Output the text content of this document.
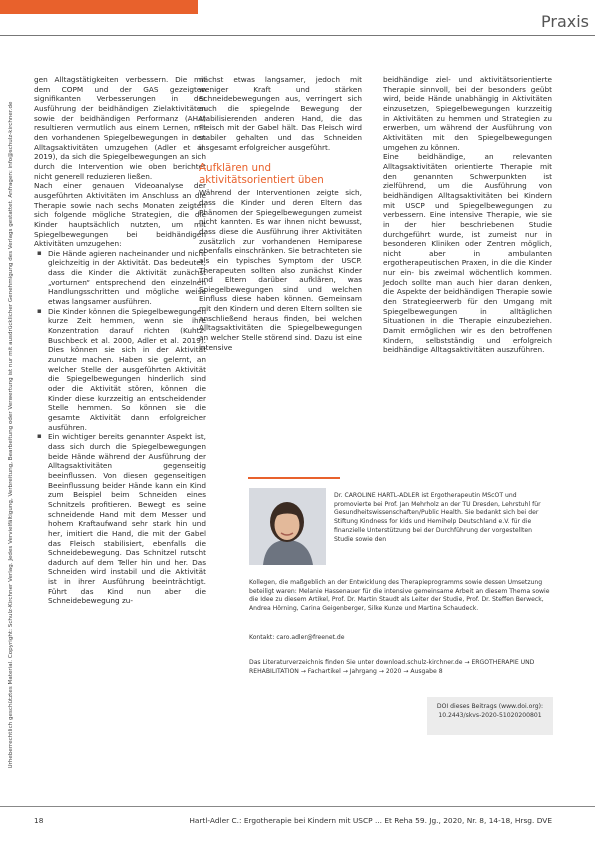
Praxis
Urheberrechtlich geschütztes Material. Copyright: Schulz-Kirchner Verlag. Jedes Vervielfältigung, Verbreitung, Bearbeitung oder Verwertung ist nur mit ausdrücklicher Genehmigung des Verlags gestattet. Anfragen: info@schulz-kirchner.de

gen Alltagstätigkeiten verbessern. Die mit dem COPM und der GAS gezeigten signifikanten Verbesserungen in der Ausführung der beidhändigen Zielaktivitäten sowie der beidhändigen Performanz (AHA) resultieren vermutlich aus einem Lernen, mit den vorhandenen Spiegelbewegungen in den Alltagsaktivitäten umzugehen (Adler et al. 2019), da sich die Spiegelbewegungen an sich durch die Intervention wie oben berichtet nicht generell reduzieren ließen.

Nach einer genauen Videoanalyse der ausgeführten Aktivitäten im Anschluss an die Therapie sowie nach sechs Monaten zeigten sich folgende mögliche Strategien, die die Kinder hauptsächlich nutzten, um mit Spiegelbewegungen bei beidhändigen Aktivitäten umzugehen:

▪ Die Hände agieren nacheinander und nicht gleichzeitig in der Aktivität. Das bedeutet, dass die Kinder die Aktivität zunächst „vorturnen“ entsprechend den einzelnen Handlungsschritten und mögliche weise etwas langsamer ausführen.
▪ Die Kinder können die Spiegelbewegungen kurze Zeit hemmen, wenn sie ihre Konzentration darauf richten (Kuhtz-Buschbeck et al. 2000, Adler et al. 2019). Dies können sie sich in der Aktivität zunutze machen. Haben sie gelernt, an welcher Stelle der ausgeführten Aktivität die Spiegelbewegungen hinderlich sind oder die Aktivität stören, können die Kinder diese kurzzeitig an entscheidender Stelle hemmen. So können sie die gesamte Aktivität dann erfolgreicher ausführen.
▪ Ein wichtiger bereits genannter Aspekt ist, dass sich durch die Spiegelbewegungen beide Hände während der Ausführung der Alltagsaktivitäten gegenseitig beeinflussen. Von diesen gegenseitigen Beeinflussung beider Hände kann ein Kind zum Beispiel beim Schneiden eines Schnitzels profitieren. Bewegt es seine schneidende Hand mit dem Messer und hohem Kraftaufwand sehr stark hin und her, imitiert die Hand, die mit der Gabel das Fleisch stabilisiert, ebenfalls die Schneidebewegung. Das Schnitzel rutscht dadurch auf dem Teller hin und her. Das Schneiden wird instabil und die Aktivität ist in ihrer Ausführung beeinträchtigt. Führt das Kind nun aber die Schneidebewegung zu-

nächst etwas langsamer, jedoch mit weniger Kraft und stärken Schneidebewegungen aus, verringert sich auch die spiegelnde Bewegung der stabilisierenden anderen Hand, die das Fleisch mit der Gabel hält. Das Fleisch wird stabiler gehalten und das Schneiden insgesamt erfolgreicher ausgeführt.

Aufklären und aktivitätsorientiert üben

Während der Interventionen zeigte sich, dass die Kinder und deren Eltern das Phänomen der Spiegelbewegungen zumeist nicht kannten. Es war ihnen nicht bewusst, dass diese die Ausführung ihrer Aktivitäten zusätzlich zur vorhandenen Hemiparese ebenfalls einschränken. Sie betrachteten sie als ein typisches Symptom der USCP. Therapeuten sollten also zunächst Kinder und Eltern darüber aufklären, was Spiegelbewegungen sind und welchen Einfluss diese haben können. Gemeinsam mit den Kindern und deren Eltern sollten sie anschließend heraus finden, bei welchen Alltagsaktivitäten die Spiegelbewegungen an welcher Stelle störend sind. Dazu ist eine intensive

beidhändige ziel- und aktivitätsorientierte Therapie sinnvoll, bei der besonders geübt wird, beide Hände unabhängig in Aktivitäten einzusetzen, Spiegelbewegungen kurzzeitig in Aktivitäten zu hemmen und Strategien zu erwerben, um während der Ausführung von Aktivitäten mit den Spiegelbewegungen umgehen zu können.

Eine beidhändige, an relevanten Alltagsaktivitäten orientierte Therapie mit den genannten Schwerpunkten ist zielführend, um die Ausführung von beidhändigen Alltagsaktivitäten bei Kindern mit USCP und Spiegelbewegungen zu verbessern. Eine intensive Therapie, wie sie in der hier beschriebenen Studie durchgeführt wurde, ist zumeist nur in besonderen Kliniken oder Zentren möglich, nicht aber in ambulanten ergotherapeutischen Praxen, in die die Kinder nur ein- bis zweimal wöchentlich kommen. Jedoch sollte man auch hier daran denken, die Aspekte der beidhändigen Therapie sowie den Strategieerwerb für den Umgang mit Spiegelbewegungen in alltäglichen Situationen in die Therapie einzubeziehen. Damit ermöglichen wir es den betroffenen Kindern, selbstständig und erfolgreich beidhändige Alltagsaktivitäten auszuführen.

Dr. CAROLINE HARTL-ADLER ist Ergotherapeutin MScOT und promovierte bei Prof. Jan Mehrholz an der TU Dresden, Lehrstuhl für Gesundheitswissenschaften/Public Health. Sie bedankt sich bei der Stiftung Kindness for kids und Hemihelp Deutschland e.V. für die finanzielle Unterstützung bei der Durchführung der vorgestellten Studie sowie den

Kollegen, die maßgeblich an der Entwicklung des Therapieprogramms sowie dessen Umsetzung beteiligt waren: Melanie Hassenauer für die intensive gemeinsame Arbeit an diesem Thema sowie die Idee zu diesem Artikel, Prof. Dr. Martin Staudt als Leiter der Studie, Prof. Dr. Steffen Berweck, Andrea Hörning, Carina Geigenberger, Silke Kunze und Martina Schaudeck.

Kontakt: caro.adler@freenet.de

Das Literaturverzeichnis finden Sie unter download.schulz-kirchner.de → ERGOTHERAPIE UND REHABILITATION → Fachartikel → Jahrgang → 2020 → Ausgabe 8

DOI dieses Beitrags (www.doi.org):
10.2443/skvs-2020-51020200801
18	Hartl-Adler C.: Ergotherapie bei Kindern mit USCP ... Et Reha 59. Jg., 2020, Nr. 8, 14-18, Hrsg. DVE
